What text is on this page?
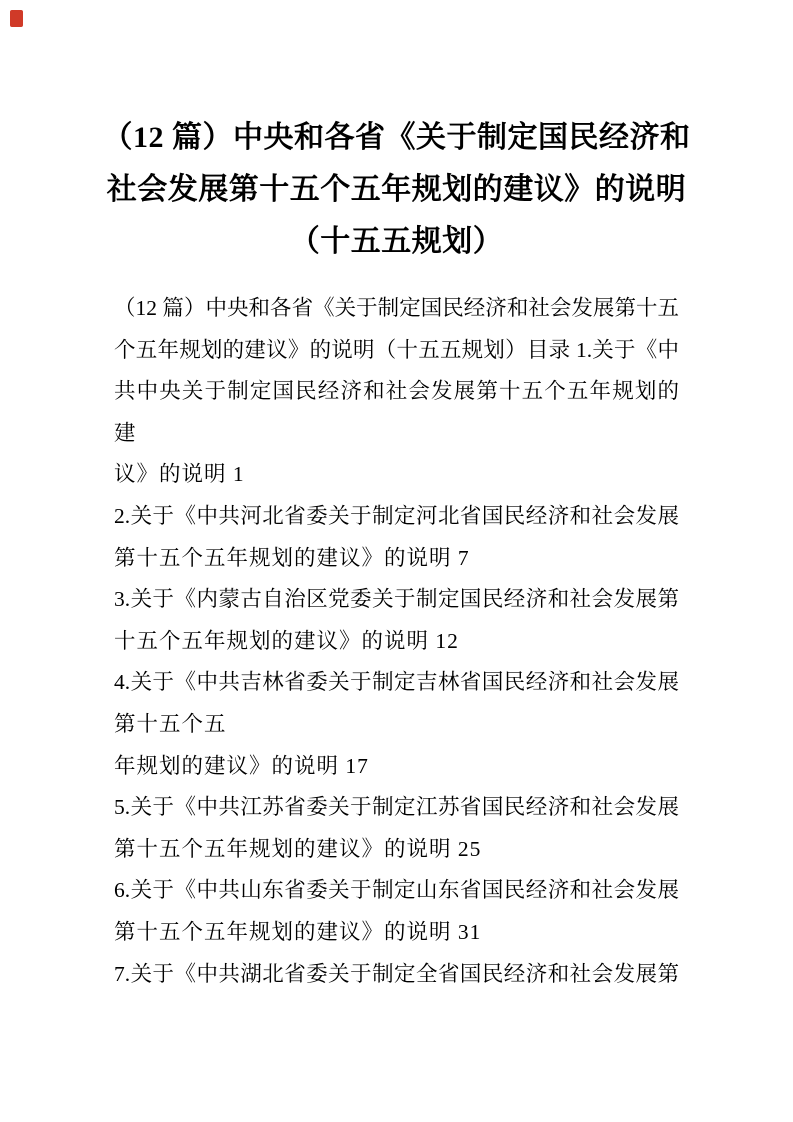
（12 篇）中央和各省《关于制定国民经济和
社会发展第十五个五年规划的建议》的说明
（十五五规划）
（12 篇）中央和各省《关于制定国民经济和社会发展第十五
个五年规划的建议》的说明（十五五规划）目录 1.关于《中
共中央关于制定国民经济和社会发展第十五个五年规划的
建
议》的说明 1
2.关于《中共河北省委关于制定河北省国民经济和社会发展
第十五个五年规划的建议》的说明 7
3.关于《内蒙古自治区党委关于制定国民经济和社会发展第
十五个五年规划的建议》的说明 12
4.关于《中共吉林省委关于制定吉林省国民经济和社会发展
第十五个五
年规划的建议》的说明 17
5.关于《中共江苏省委关于制定江苏省国民经济和社会发展
第十五个五年规划的建议》的说明 25
6.关于《中共山东省委关于制定山东省国民经济和社会发展
第十五个五年规划的建议》的说明 31
7.关于《中共湖北省委关于制定全省国民经济和社会发展第
